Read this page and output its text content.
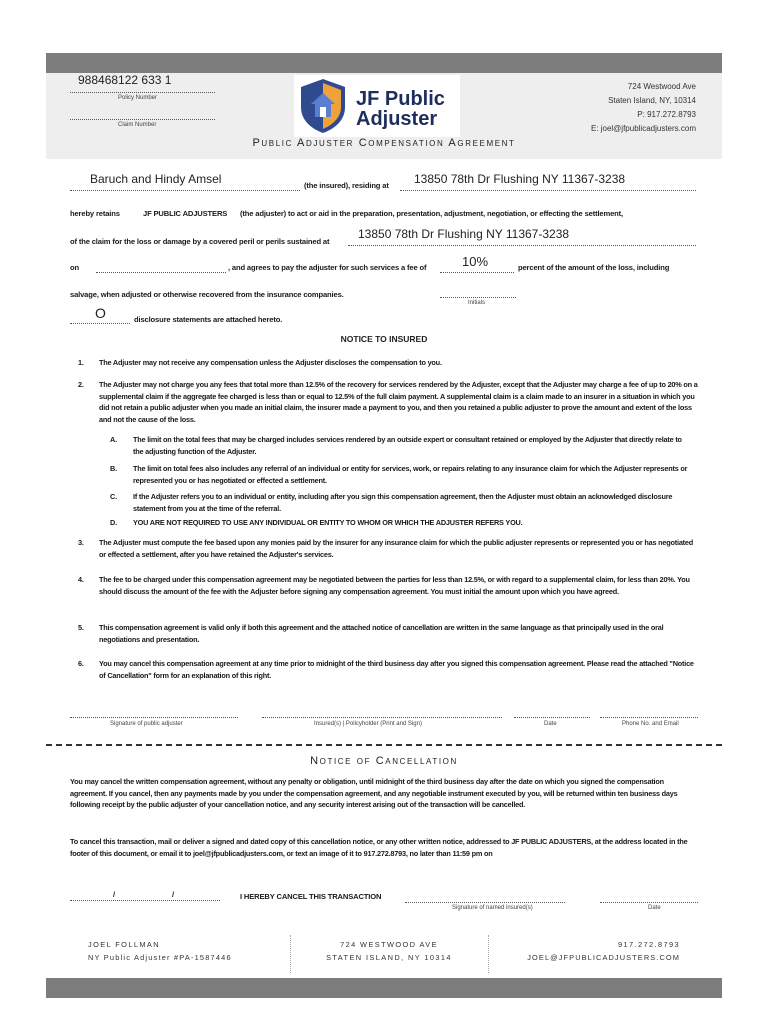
988468122 633 1
Policy Number
Claim Number
JF Public
Adjuster
724 Westwood Ave
Staten Island, NY, 10314
P: 917.272.8793
E: joel@jfpublicadjusters.com
Public Adjuster Compensation Agreement
Baruch and Hindy Amsel	(the insured), residing at 13850 78th Dr Flushing NY 11367-3238
hereby retains	JF PUBLIC ADJUSTERS (the adjuster) to act or aid in the preparation, presentation, adjustment, negotiation, or effecting the settlement,
of the claim for the loss or damage by a covered peril or perils sustained at
13850 78th Dr Flushing NY 11367-3238
on	, and agrees to pay the adjuster for such services a fee of	10%	percent of the amount of the loss, including
salvage, when adjusted or otherwise recovered from the insurance companies.
Initials
O	disclosure statements are attached hereto.
NOTICE TO INSURED
1. The Adjuster may not receive any compensation unless the Adjuster discloses the compensation to you.
2. The Adjuster may not charge you any fees that total more than 12.5% of the recovery for services rendered by the Adjuster, except that the Adjuster may charge a fee of up to 20% on a supplemental claim if the aggregate fee charged is less than or equal to 12.5% of the full claim payment. A supplemental claim is a claim made to an insurer in a situation in which you did not retain a public adjuster when you made an initial claim, the insurer made a payment to you, and then you retained a public adjuster to prove the amount and extent of the loss and not the cause of the loss.
A. The limit on the total fees that may be charged includes services rendered by an outside expert or consultant retained or employed by the Adjuster that directly relate to the adjusting function of the Adjuster.
B. The limit on total fees also includes any referral of an individual or entity for services, work, or repairs relating to any insurance claim for which the Adjuster represents or represented you or has negotiated or effected a settlement.
C. If the Adjuster refers you to an individual or entity, including after you sign this compensation agreement, then the Adjuster must obtain an acknowledged disclosure statement from you at the time of the referral.
D. YOU ARE NOT REQUIRED TO USE ANY INDIVIDUAL OR ENTITY TO WHOM OR WHICH THE ADJUSTER REFERS YOU.
3. The Adjuster must compute the fee based upon any monies paid by the insurer for any insurance claim for which the public adjuster represents or represented you or has negotiated or effected a settlement, after you have retained the Adjuster's services.
4. The fee to be charged under this compensation agreement may be negotiated between the parties for less than 12.5%, or with regard to a supplemental claim, for less than 20%. You should discuss the amount of the fee with the Adjuster before signing any compensation agreement. You must initial the amount upon which you have agreed.
5. This compensation agreement is valid only if both this agreement and the attached notice of cancellation are written in the same language as that principally used in the oral negotiations and presentation.
6. You may cancel this compensation agreement at any time prior to midnight of the third business day after you signed this compensation agreement. Please read the attached "Notice of Cancellation" form for an explanation of this right.
Signature of public adjuster	Insured(s) | Policyholder (Print and Sign)	Date	Phone No. and Email
Notice of Cancellation
You may cancel the written compensation agreement, without any penalty or obligation, until midnight of the third business day after the date on which you signed the compensation agreement. If you cancel, then any payments made by you under the compensation agreement, and any negotiable instrument executed by you, will be returned within ten business days following receipt by the public adjuster of your cancellation notice, and any security interest arising out of the transaction will be cancelled.
To cancel this transaction, mail or deliver a signed and dated copy of this cancellation notice, or any other written notice, addressed to JF PUBLIC ADJUSTERS, at the address located in the footer of this document, or email it to joel@jfpublicadjusters.com, or text an image of it to 917.272.8793, no later than 11:59 pm on
/	/	I HEREBY CANCEL THIS TRANSACTION
Signature of named insured(s)	Date
JOEL FOLLMAN
NY Public Adjuster #PA-1587446
724 WESTWOOD AVE
STATEN ISLAND, NY 10314
917.272.8793
JOEL@JFPUBLICADJUSTERS.COM
